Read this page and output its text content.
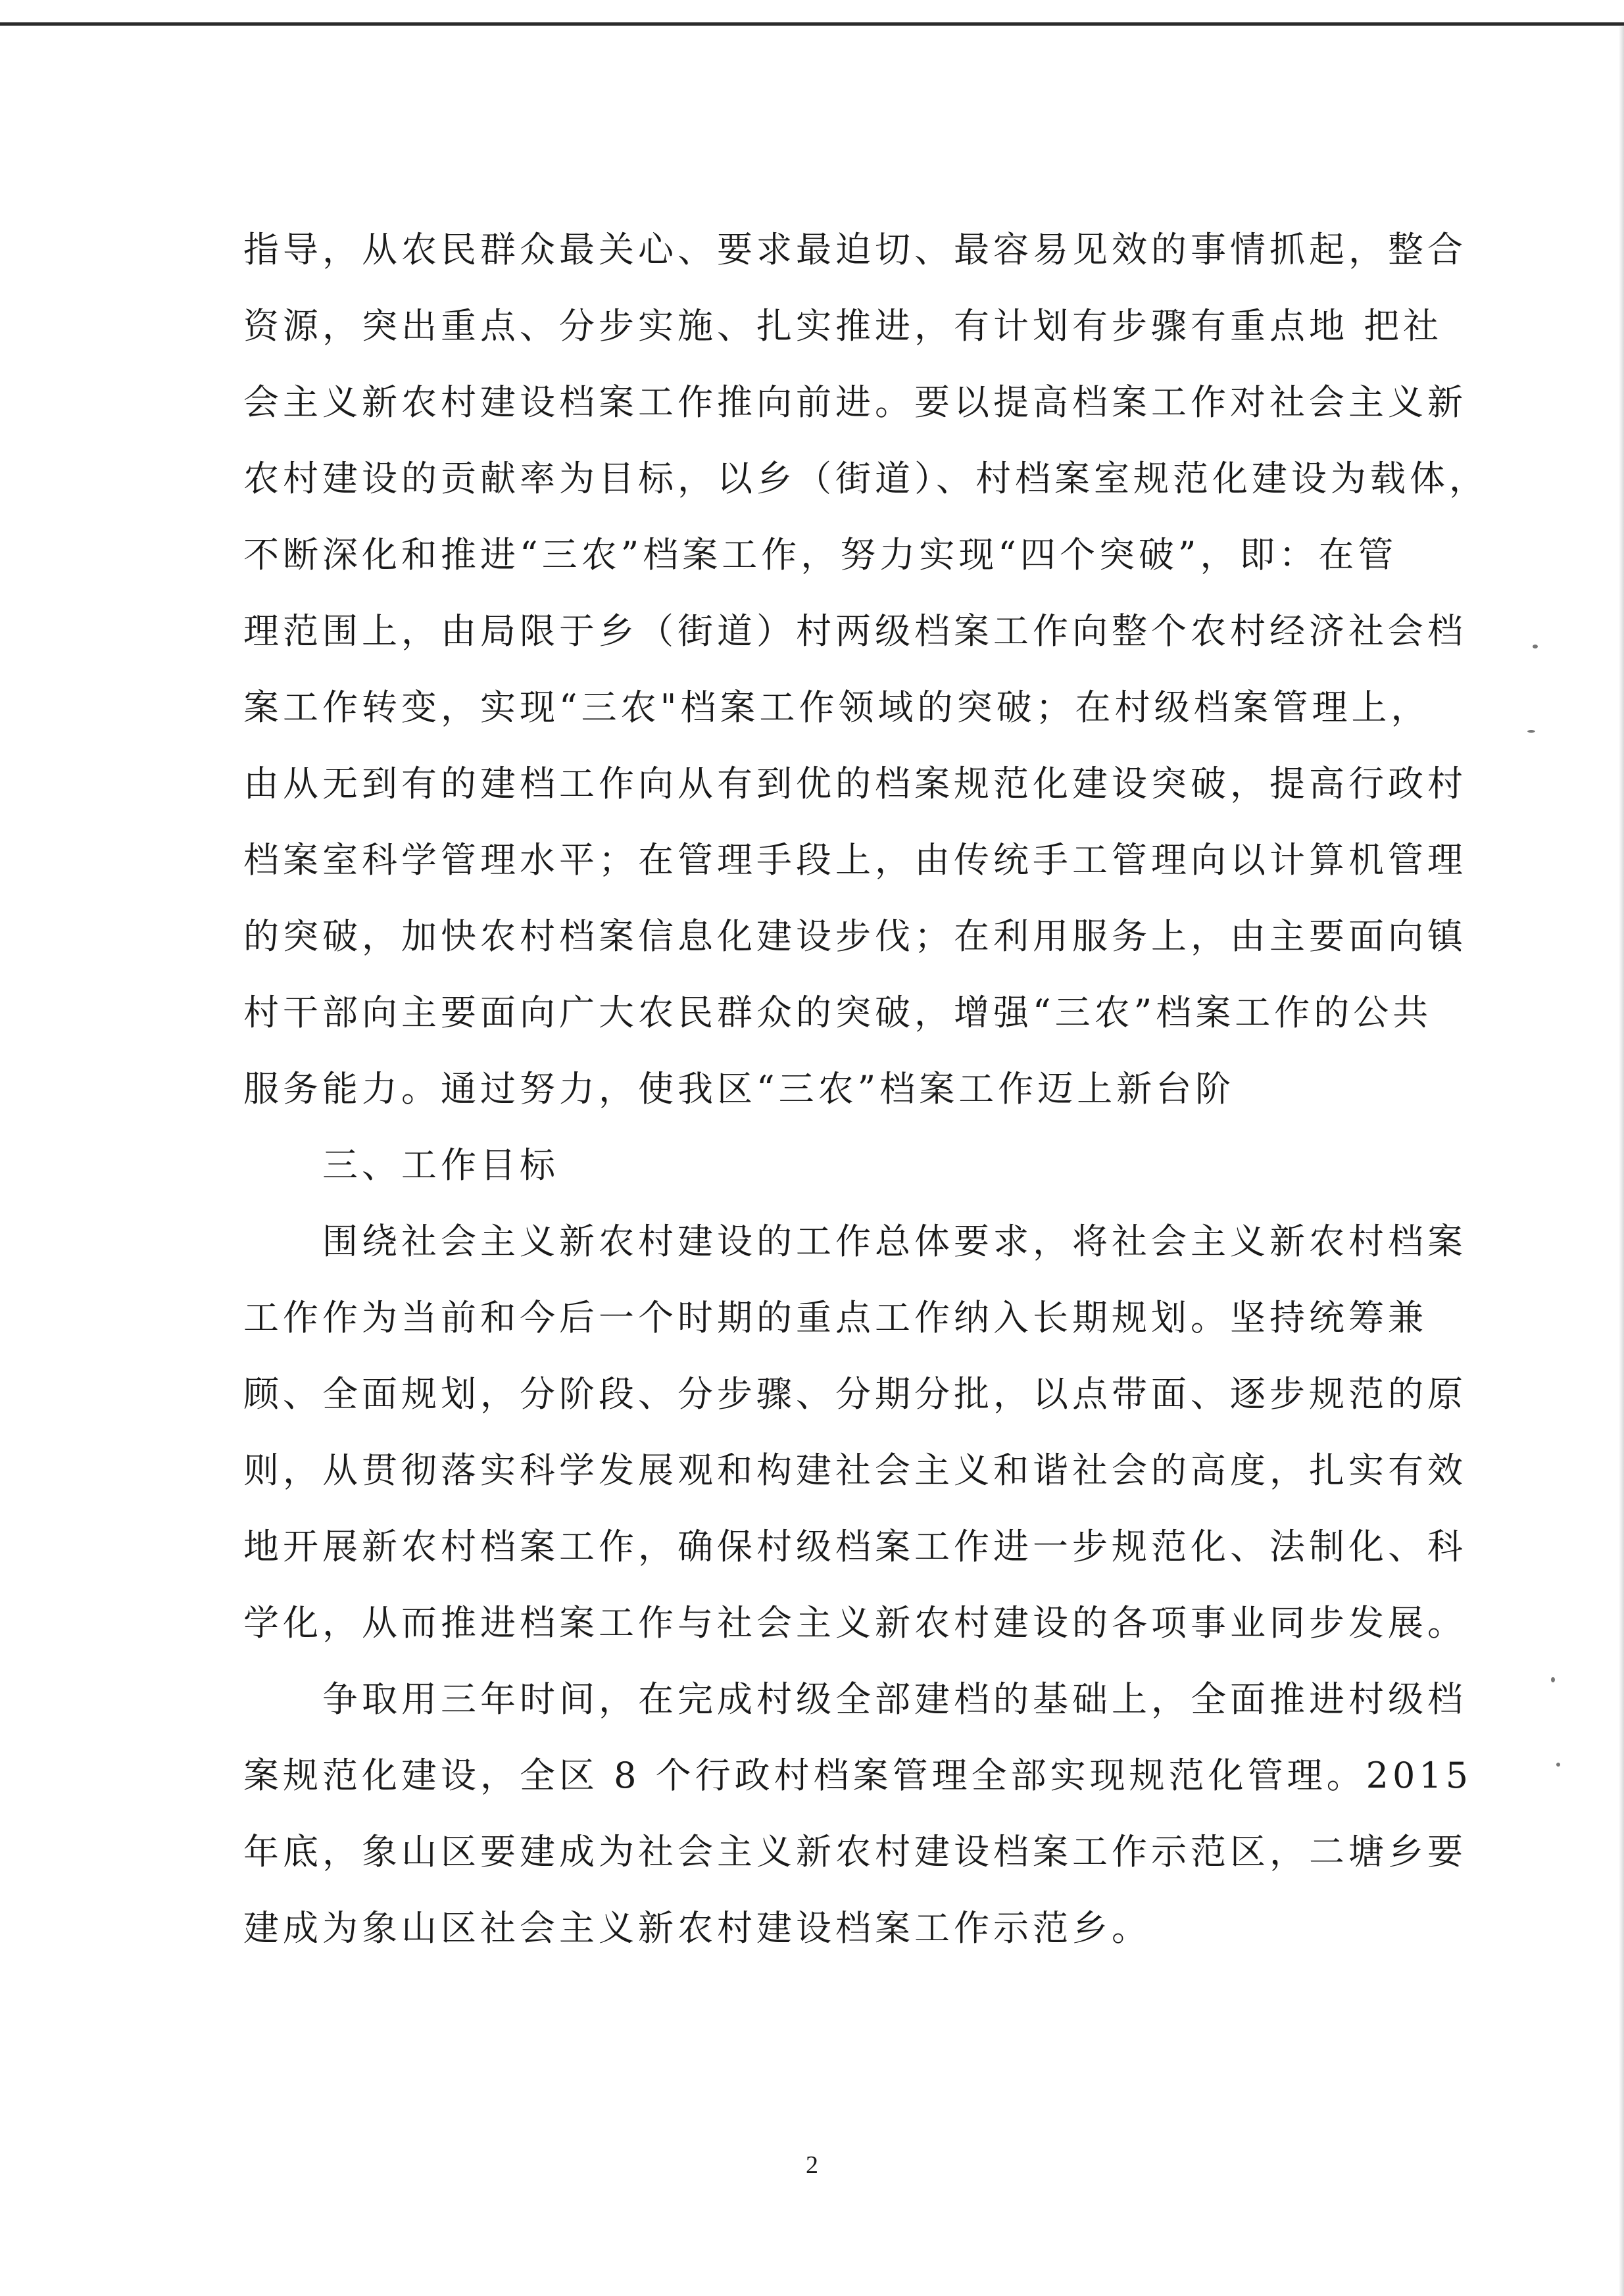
指导，从农民群众最关心、要求最迫切、最容易见效的事情抓起，整合
资源，突出重点、分步实施、扎实推进，有计划有步骤有重点地 把社
会主义新农村建设档案工作推向前进。要以提高档案工作对社会主义新
农村建设的贡献率为目标，以乡（街道）、村档案室规范化建设为载体，
不断深化和推进“三农”档案工作，努力实现“四个突破”，即：在管
理范围上，由局限于乡（街道）村两级档案工作向整个农村经济社会档
案工作转变，实现“三农"档案工作领域的突破；在村级档案管理上，
由从无到有的建档工作向从有到优的档案规范化建设突破，提高行政村
档案室科学管理水平；在管理手段上，由传统手工管理向以计算机管理
的突破，加快农村档案信息化建设步伐；在利用服务上，由主要面向镇
村干部向主要面向广大农民群众的突破，增强“三农”档案工作的公共
服务能力。通过努力，使我区“三农”档案工作迈上新台阶
三、工作目标
围绕社会主义新农村建设的工作总体要求，将社会主义新农村档案
工作作为当前和今后一个时期的重点工作纳入长期规划。坚持统筹兼
顾、全面规划，分阶段、分步骤、分期分批，以点带面、逐步规范的原
则，从贯彻落实科学发展观和构建社会主义和谐社会的高度，扎实有效
地开展新农村档案工作，确保村级档案工作进一步规范化、法制化、科
学化，从而推进档案工作与社会主义新农村建设的各项事业同步发展。
争取用三年时间，在完成村级全部建档的基础上，全面推进村级档
案规范化建设，全区 8 个行政村档案管理全部实现规范化管理。2015
年底，象山区要建成为社会主义新农村建设档案工作示范区，二塘乡要
建成为象山区社会主义新农村建设档案工作示范乡。
2
